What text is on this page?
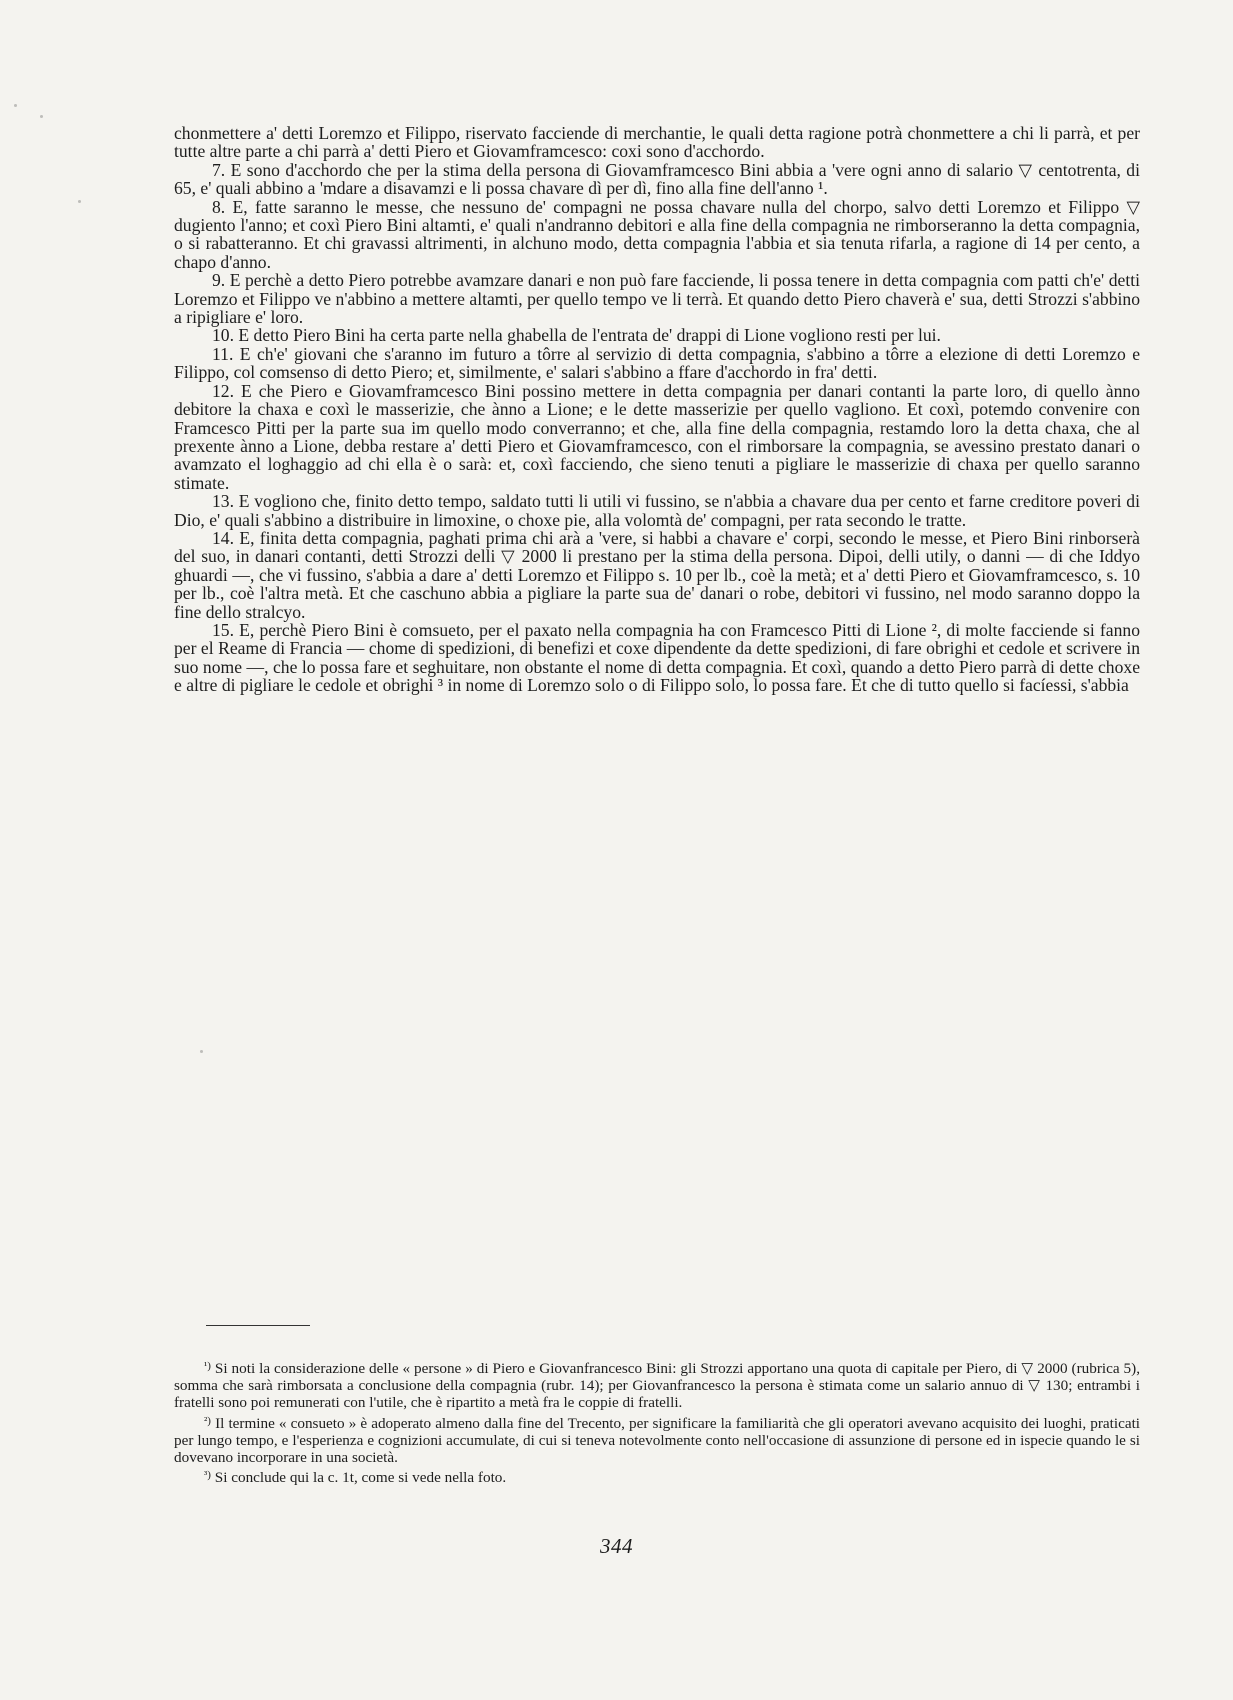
chonmettere a' detti Loremzo et Filippo, riservato facciende di merchantie, le quali detta ragione potrà chonmettere a chi li parrà, et per tutte altre parte a chi parrà a' detti Piero et Giovamframcesco: coxi sono d'acchordo.

7. E sono d'acchordo che per la stima della persona di Giovamframcesco Bini abbia a 'vere ogni anno di salario ▽ centotrenta, di 65, e' quali abbino a 'mdare a disavamzi e li possa chavare dì per dì, fino alla fine dell'anno ¹.

8. E, fatte saranno le messe, che nessuno de' compagni ne possa chavare nulla del chorpo, salvo detti Loremzo et Filippo ▽ dugiento l'anno; et coxì Piero Bini altamti, e' quali n'andranno debitori e alla fine della compagnia ne rimborseranno la detta compagnia, o si rabatteranno. Et chi gravassi altrimenti, in alchuno modo, detta compagnia l'abbia et sia tenuta rifarla, a ragione di 14 per cento, a chapo d'anno.

9. E perchè a detto Piero potrebbe avamzare danari e non può fare facciende, li possa tenere in detta compagnia com patti ch'e' detti Loremzo et Filippo ve n'abbino a mettere altamti, per quello tempo ve li terrà. Et quando detto Piero chaverà e' sua, detti Strozzi s'abbino a ripigliare e' loro.

10. E detto Piero Bini ha certa parte nella ghabella de l'entrata de' drappi di Lione vogliono resti per lui.

11. E ch'e' giovani che s'aranno im futuro a tôrre al servizio di detta compagnia, s'abbino a tôrre a elezione di detti Loremzo e Filippo, col comsenso di detto Piero; et, similmente, e' salari s'abbino a ffare d'acchordo in fra' detti.

12. E che Piero e Giovamframcesco Bini possino mettere in detta compagnia per danari contanti la parte loro, di quello ànno debitore la chaxa e coxì le masserizie, che ànno a Lione; e le dette masserizie per quello vagliono. Et coxì, potemdo convenire con Framcesco Pitti per la parte sua im quello modo converranno; et che, alla fine della compagnia, restamdo loro la detta chaxa, che al prexente ànno a Lione, debba restare a' detti Piero et Giovamframcesco, con el rimborsare la compagnia, se avessino prestato danari o avamzato el loghaggio ad chi ella è o sarà: et, coxì facciendo, che sieno tenuti a pigliare le masserizie di chaxa per quello saranno stimate.

13. E vogliono che, finito detto tempo, saldato tutti li utili vi fussino, se n'abbia a chavare dua per cento et farne creditore poveri di Dio, e' quali s'abbino a distribuire in limoxine, o choxe pie, alla volomtà de' compagni, per rata secondo le tratte.

14. E, finita detta compagnia, paghati prima chi arà a 'vere, si habbi a chavare e' corpi, secondo le messe, et Piero Bini rinborserà del suo, in danari contanti, detti Strozzi delli ▽ 2000 li prestano per la stima della persona. Dipoi, delli utily, o danni — di che Iddyo ghuardi —, che vi fussino, s'abbia a dare a' detti Loremzo et Filippo s. 10 per lb., coè la metà; et a' detti Piero et Giovamframcesco, s. 10 per lb., coè l'altra metà. Et che caschuno abbia a pigliare la parte sua de' danari o robe, debitori vi fussino, nel modo saranno doppo la fine dello stralcyo.

15. E, perchè Piero Bini è comsueto, per el paxato nella compagnia ha con Framcesco Pitti di Lione ², di molte facciende si fanno per el Reame di Francia — chome di spedizioni, di benefizi et coxe dipendente da dette spedizioni, di fare obrighi et cedole et scrivere in suo nome —, che lo possa fare et seghuitare, non obstante el nome di detta compagnia. Et coxì, quando a detto Piero parrà di dette choxe e altre di pigliare le cedole et obrighi ³ in nome di Loremzo solo o di Filippo solo, lo possa fare. Et che di tutto quello si facíessi, s'abbia

$^{^1)}$ Si noti la considerazione delle « persone » di Piero e Giovanfrancesco Bini: gli Strozzi apportano una quota di capitale per Piero, di ▽ 2000 (rubrica 5), somma che sarà rimborsata a conclusione della compagnia (rubr. 14); per Giovanfrancesco la persona è stimata come un salario annuo di ▽ 130; entrambi i fratelli sono poi remunerati con l'utile, che è ripartito a metà fra le coppie di fratelli.

$^{^2)}$ Il termine « consueto » è adoperato almeno dalla fine del Trecento, per significare la familiarità che gli operatori avevano acquisito dei luoghi, praticati per lungo tempo, e l'esperienza e cognizioni accumulate, di cui si teneva notevolmente conto nell'occasione di assunzione di persone ed in ispecie quando le si dovevano incorporare in una società.

$^{^3)}$ Si conclude qui la c. 1t, come si vede nella foto.

344
